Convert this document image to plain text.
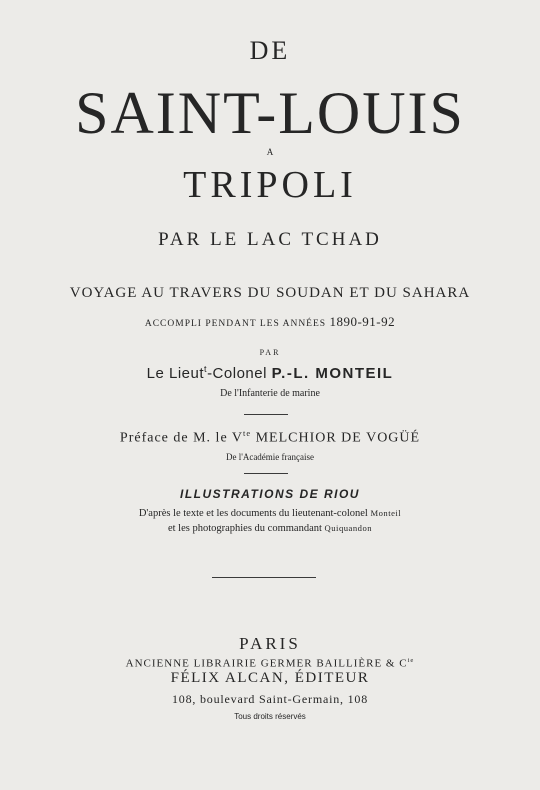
DE
SAINT-LOUIS
A
TRIPOLI
PAR LE LAC TCHAD
VOYAGE AU TRAVERS DU SOUDAN ET DU SAHARA
ACCOMPLI PENDANT LES ANNÉES 1890-91-92
PAR
Le Lieut$^t$-Colonel P.-L. MONTEIL
De l'Infanterie de marine
Préface de M. le $V^{te}$ MELCHIOR DE VOGÜÉ
De l'Académie française
ILLUSTRATIONS DE RIOU
D'après le texte et les documents du lieutenant-colonel Monteil
et les photographies du commandant Quiquandon
PARIS
ANCIENNE LIBRAIRIE GERMER BAILLIÈRE & $C^{ie}$
FÉLIX ALCAN, ÉDITEUR
108, boulevard Saint-Germain, 108
Tous droits réservés
